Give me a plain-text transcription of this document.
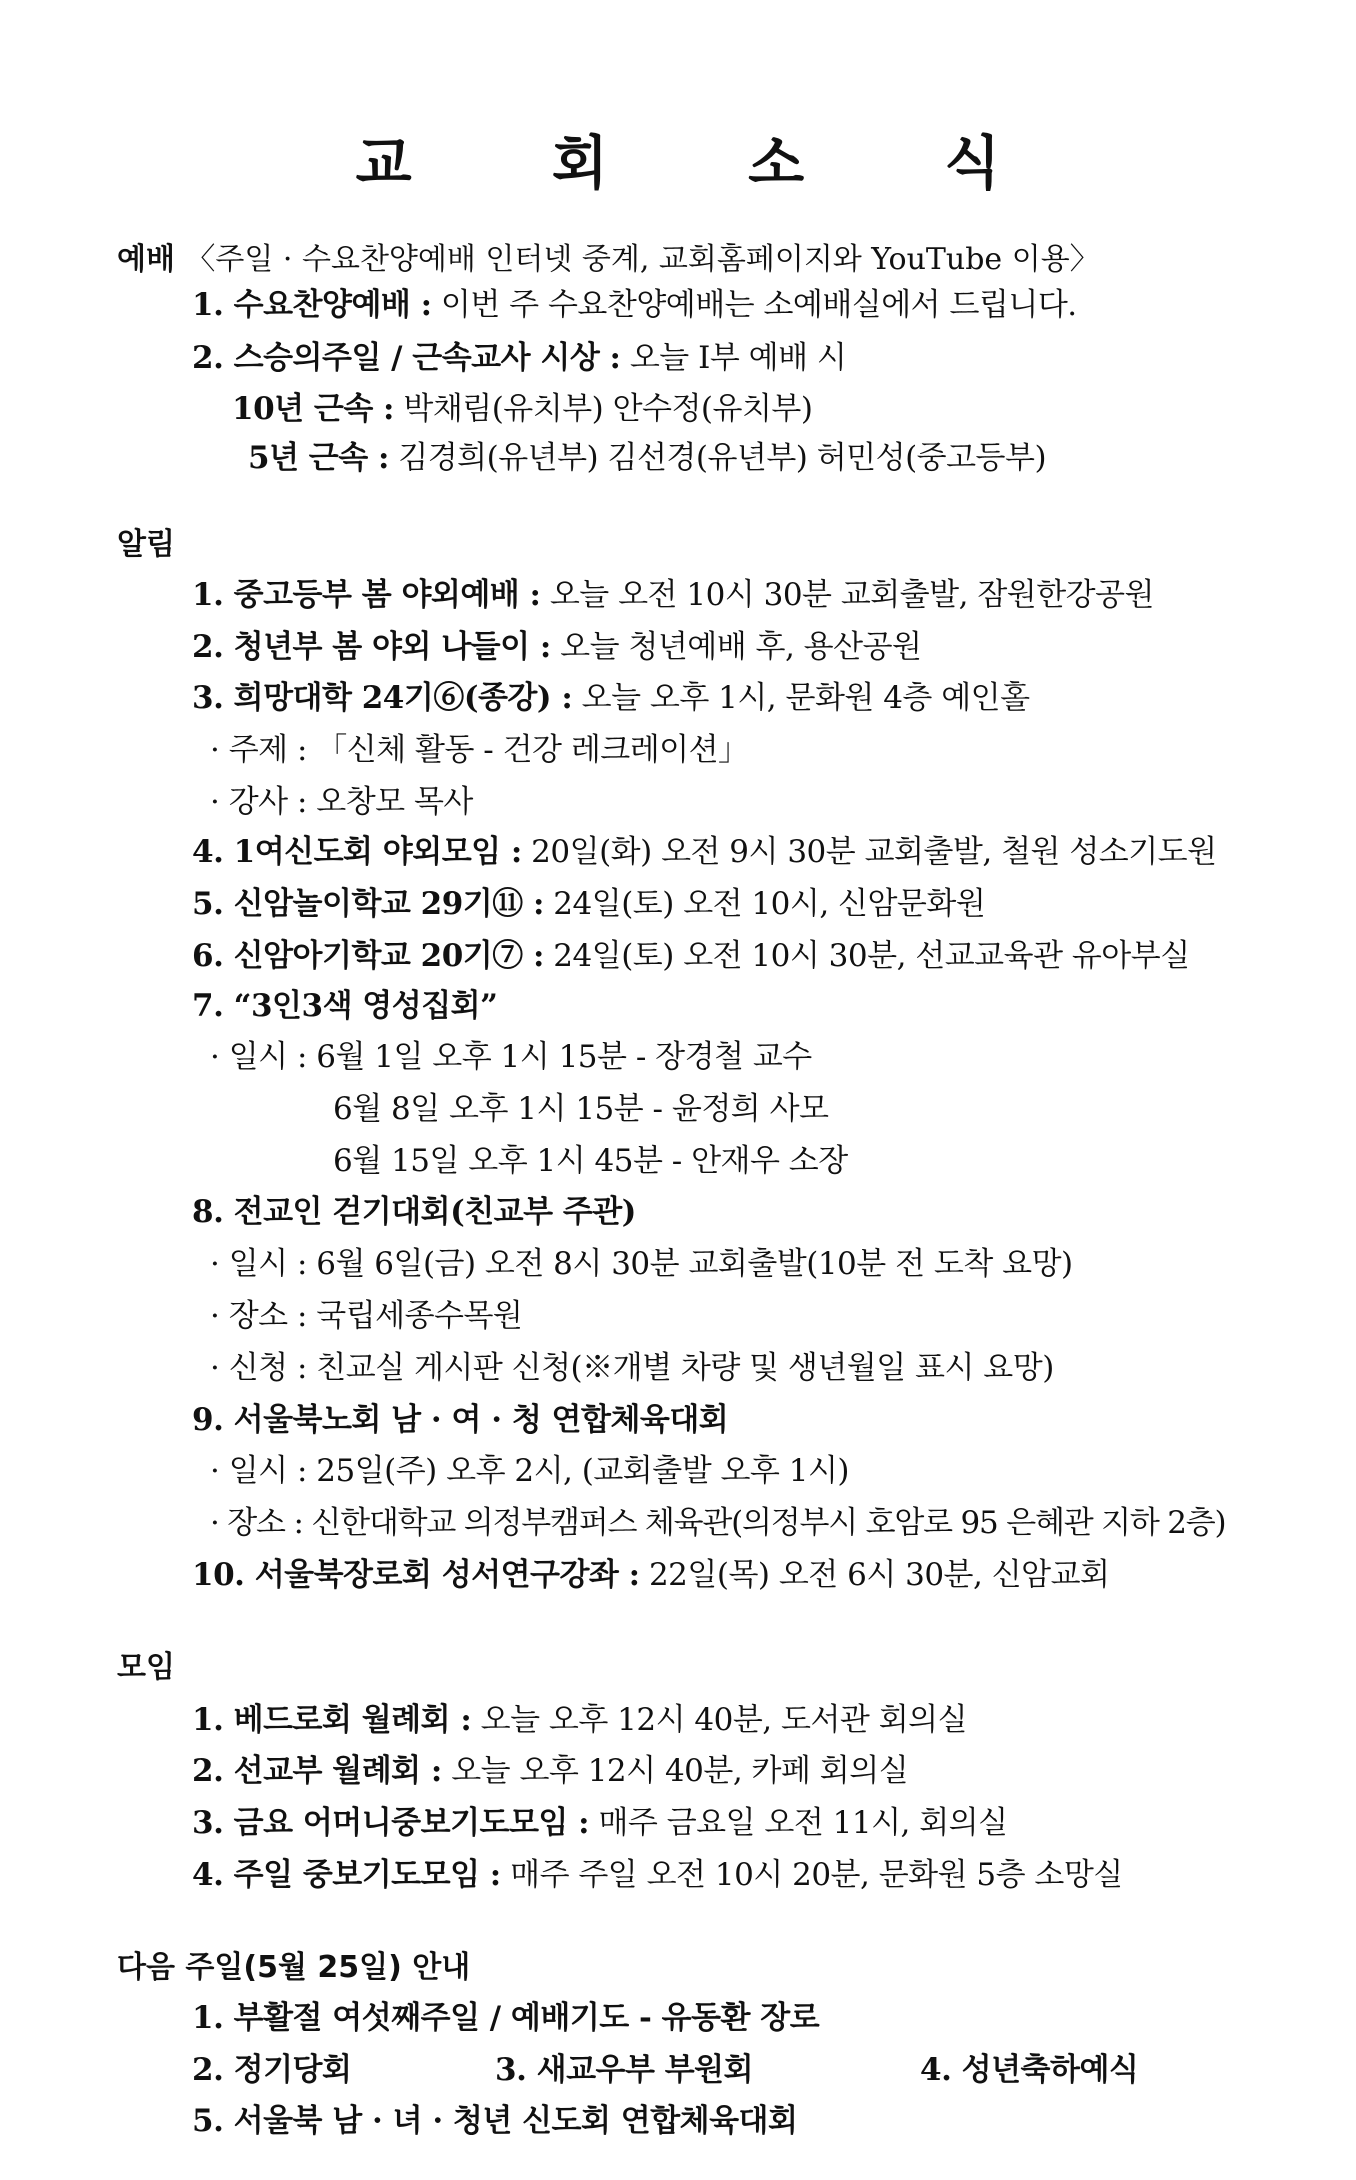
교 회 소 식
예배 〈주일 · 수요찬양예배 인터넷 중계, 교회홈페이지와 YouTube 이용〉
1. 수요찬양예배 : 이번 주 수요찬양예배는 소예배실에서 드립니다.
2. 스승의주일 / 근속교사 시상 : 오늘 Ⅰ부 예배 시
10년 근속 : 박채림(유치부) 안수정(유치부)
5년 근속 : 김경희(유년부) 김선경(유년부) 허민성(중고등부)
알림
1. 중고등부 봄 야외예배 : 오늘 오전 10시 30분 교회출발, 잠원한강공원
2. 청년부 봄 야외 나들이 : 오늘 청년예배 후, 용산공원
3. 희망대학 24기⑥(종강) : 오늘 오후 1시, 문화원 4층 예인홀
· 주제 : 「신체 활동 - 건강 레크레이션」
· 강사 : 오창모 목사
4. 1여신도회 야외모임 : 20일(화) 오전 9시 30분 교회출발, 철원 성소기도원
5. 신암놀이학교 29기⑪ : 24일(토) 오전 10시, 신암문화원
6. 신암아기학교 20기⑦ : 24일(토) 오전 10시 30분, 선교교육관 유아부실
7. “3인3색 영성집회”
· 일시 : 6월 1일 오후 1시 15분 - 장경철 교수
6월 8일 오후 1시 15분 - 윤정희 사모
6월 15일 오후 1시 45분 - 안재우 소장
8. 전교인 걷기대회(친교부 주관)
· 일시 : 6월 6일(금) 오전 8시 30분 교회출발(10분 전 도착 요망)
· 장소 : 국립세종수목원
· 신청 : 친교실 게시판 신청(※개별 차량 및 생년월일 표시 요망)
9. 서울북노회 남 · 여 · 청 연합체육대회
· 일시 : 25일(주) 오후 2시, (교회출발 오후 1시)
· 장소 : 신한대학교 의정부캠퍼스 체육관(의정부시 호암로 95 은혜관 지하 2층)
10. 서울북장로회 성서연구강좌 : 22일(목) 오전 6시 30분, 신암교회
모임
1. 베드로회 월례회 : 오늘 오후 12시 40분, 도서관 회의실
2. 선교부 월례회 : 오늘 오후 12시 40분, 카페 회의실
3. 금요 어머니중보기도모임 : 매주 금요일 오전 11시, 회의실
4. 주일 중보기도모임 : 매주 주일 오전 10시 20분, 문화원 5층 소망실
다음 주일(5월 25일) 안내
1. 부활절 여섯째주일 / 예배기도 - 유동환 장로
2. 정기당회	3. 새교우부 부원회	4. 성년축하예식
5. 서울북 남 · 녀 · 청년 신도회 연합체육대회
